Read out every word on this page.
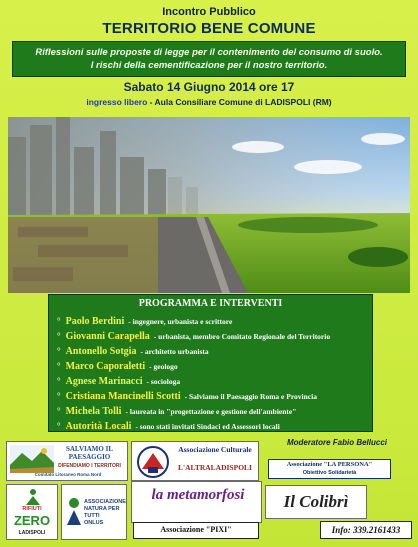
Incontro Pubblico
TERRITORIO BENE COMUNE
Riflessioni sulle proposte di legge per il contenimento del consumo di suolo.
I rischi della cementificazione per il nostro territorio.
Sabato 14 Giugno 2014 ore 17
ingresso libero - Aula Consiliare Comune di LADISPOLI (RM)
PROGRAMMA E INTERVENTI
° Paolo Berdini - ingegnere, urbanista e scrittore
° Giovanni Carapella - urbanista, membro Comitato Regionale del Territorio
° Antonello Sotgia - architetto urbanista
° Marco Caporaletti - geologo
° Agnese Marinacci - sociologa
° Cristiana Mancinelli Scotti - Salviamo il Paesaggio Roma e Provincia
° Michela Tolli - laureata in "progettazione e gestione dell'ambiente"
° Autorità Locali - sono stati invitati Sindaci ed Assessori locali
Moderatore Fabio Bellucci
SALVIAMO IL
PAESAGGIO
DIFENDIAMO I TERRITORI
Comitato Litoraneo Roma Nord
Associazione Culturale
L'ALTRALADISPOLI	Associazione "LA PERSONA"
Obiettivo Solidarietà
RIFIUTI
ZERO
LADISPOLI
ASSOCIAZIONE
NATURA PER TUTTI
ONLUS
la metamorfosi
Associazione "PIXI"
Il Colibrì
Info: 339.2161433
